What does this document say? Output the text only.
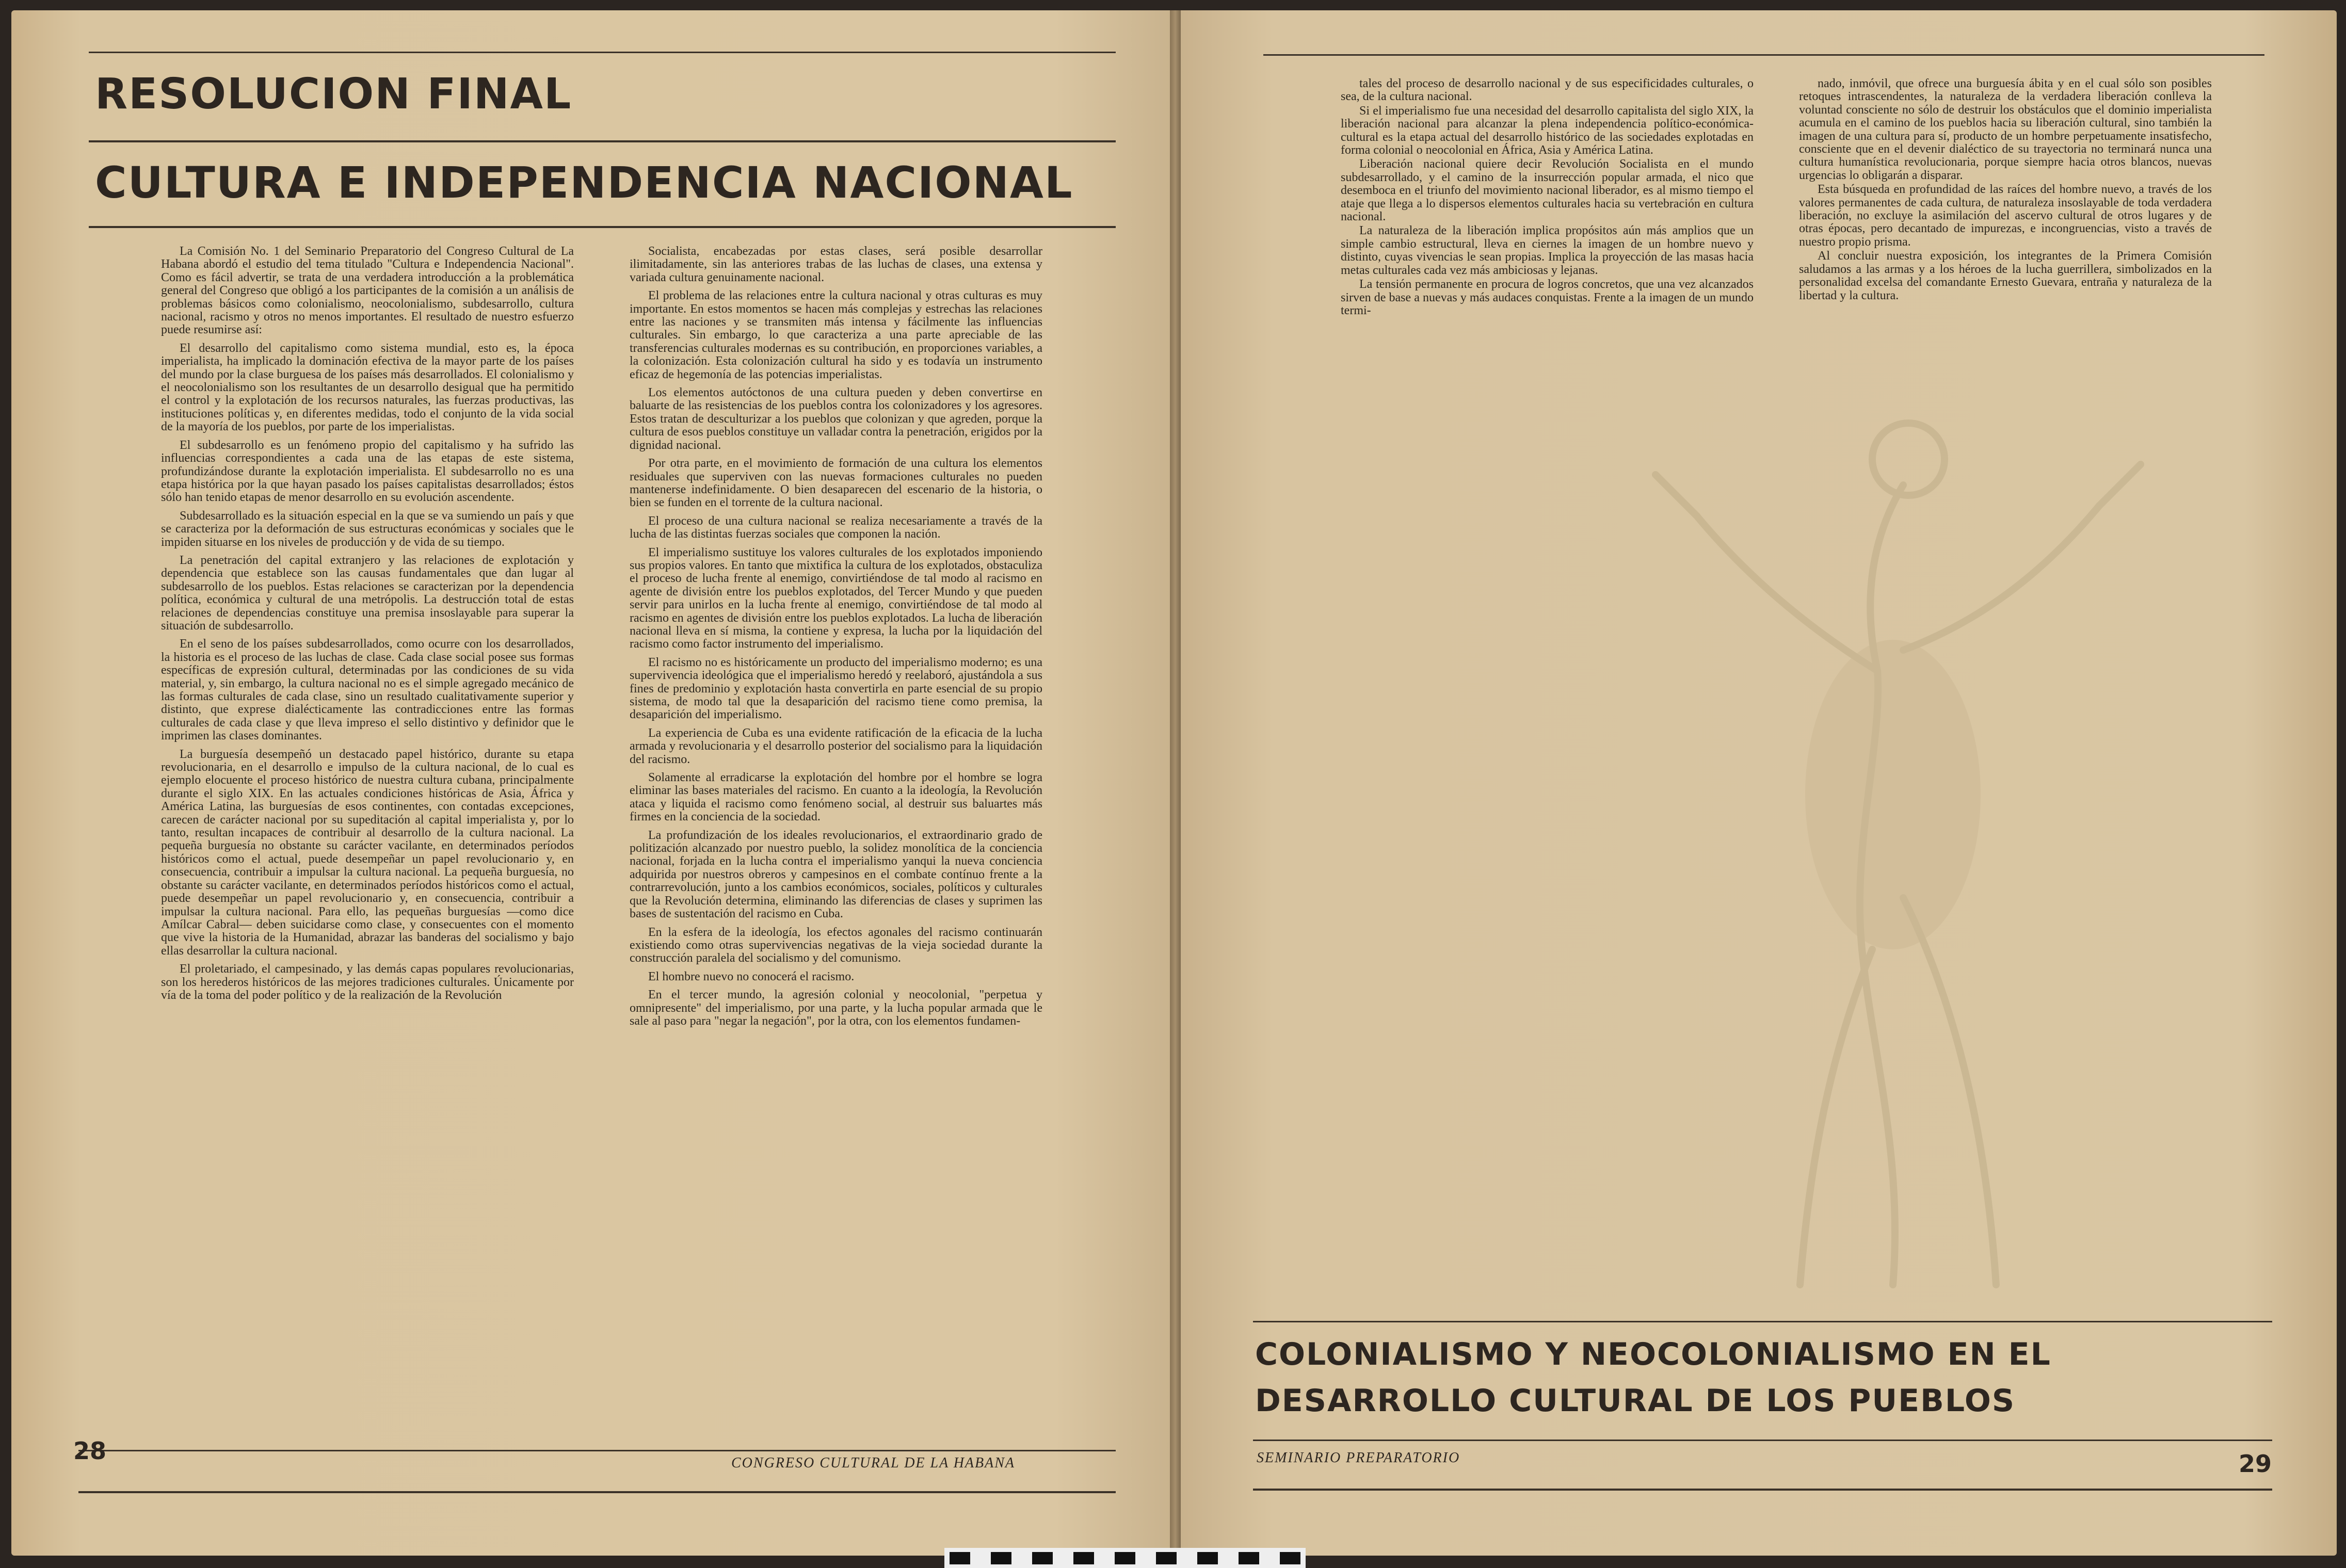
RESOLUCION FINAL
CULTURA E INDEPENDENCIA NACIONAL

La Comisión No. 1 del Seminario Preparatorio del Congreso Cultural de La Habana abordó el estudio del tema titulado "Cultura e Independencia Nacional". Como es fácil advertir, se trata de una verdadera introducción a la problemática general del Congreso que obligó a los participantes de la comisión a un análisis de problemas básicos como colonialismo, neocolonialismo, subdesarrollo, cultura nacional, racismo y otros no menos importantes. El resultado de nuestro esfuerzo puede resumirse así:

El desarrollo del capitalismo como sistema mundial, esto es, la época imperialista, ha implicado la dominación efectiva de la mayor parte de los países del mundo por la clase burguesa de los países más desarrollados. El colonialismo y el neocolonialismo son los resultantes de un desarrollo desigual que ha permitido el control y la explotación de los recursos naturales, las fuerzas productivas, las instituciones políticas y, en diferentes medidas, todo el conjunto de la vida social de la mayoría de los pueblos, por parte de los imperialistas.

El subdesarrollo es un fenómeno propio del capitalismo y ha sufrido las influencias correspondientes a cada una de las etapas de este sistema, profundizándose durante la explotación imperialista. El subdesarrollo no es una etapa histórica por la que hayan pasado los países capitalistas desarrollados; éstos sólo han tenido etapas de menor desarrollo en su evolución ascendente.

Subdesarrollado es la situación especial en la que se va sumiendo un país y que se caracteriza por la deformación de sus estructuras económicas y sociales que le impiden situarse en los niveles de producción y de vida de su tiempo.

La penetración del capital extranjero y las relaciones de explotación y dependencia que establece son las causas fundamentales que dan lugar al subdesarrollo de los pueblos. Estas relaciones se caracterizan por la dependencia política, económica y cultural de una metrópolis. La destrucción total de estas relaciones de dependencias constituye una premisa insoslayable para superar la situación de subdesarrollo.

En el seno de los países subdesarrollados, como ocurre con los desarrollados, la historia es el proceso de las luchas de clase. Cada clase social posee sus formas específicas de expresión cultural, determinadas por las condiciones de su vida material, y, sin embargo, la cultura nacional no es el simple agregado mecánico de las formas culturales de cada clase, sino un resultado cualitativamente superior y distinto, que exprese dialécticamente las contradicciones entre las formas culturales de cada clase y que lleva impreso el sello distintivo y definidor que le imprimen las clases dominantes.

La burguesía desempeñó un destacado papel histórico, durante su etapa revolucionaria, en el desarrollo e impulso de la cultura nacional, de lo cual es ejemplo elocuente el proceso histórico de nuestra cultura cubana, principalmente durante el siglo XIX. En las actuales condiciones históricas de Asia, África y América Latina, las burguesías de esos continentes, con contadas excepciones, carecen de carácter nacional por su supeditación al capital imperialista y, por lo tanto, resultan incapaces de contribuir al desarrollo de la cultura nacional. La pequeña burguesía no obstante su carácter vacilante, en determinados períodos históricos como el actual, puede desempeñar un papel revolucionario y, en consecuencia, contribuir a impulsar la cultura nacional. La pequeña burguesía, no obstante su carácter vacilante, en determinados períodos históricos como el actual, puede desempeñar un papel revolucionario y, en consecuencia, contribuir a impulsar la cultura nacional. Para ello, las pequeñas burguesías —como dice Amílcar Cabral— deben suicidarse como clase, y consecuentes con el momento que vive la historia de la Humanidad, abrazar las banderas del socialismo y bajo ellas desarrollar la cultura nacional.

El proletariado, el campesinado, y las demás capas populares revolucionarias, son los herederos históricos de las mejores tradiciones culturales. Únicamente por vía de la toma del poder político y de la realización de la Revolución

Socialista, encabezadas por estas clases, será posible desarrollar ilimitadamente, sin las anteriores trabas de las luchas de clases, una extensa y variada cultura genuinamente nacional.

El problema de las relaciones entre la cultura nacional y otras culturas es muy importante. En estos momentos se hacen más complejas y estrechas las relaciones entre las naciones y se transmiten más intensa y fácilmente las influencias culturales. Sin embargo, lo que caracteriza a una parte apreciable de las transferencias culturales modernas es su contribución, en proporciones variables, a la colonización. Esta colonización cultural ha sido y es todavía un instrumento eficaz de hegemonía de las potencias imperialistas.

Los elementos autóctonos de una cultura pueden y deben convertirse en baluarte de las resistencias de los pueblos contra los colonizadores y los agresores. Estos tratan de desculturizar a los pueblos que colonizan y que agreden, porque la cultura de esos pueblos constituye un valladar contra la penetración, erigidos por la dignidad nacional.

Por otra parte, en el movimiento de formación de una cultura los elementos residuales que superviven con las nuevas formaciones culturales no pueden mantenerse indefinidamente. O bien desaparecen del escenario de la historia, o bien se funden en el torrente de la cultura nacional.

El proceso de una cultura nacional se realiza necesariamente a través de la lucha de las distintas fuerzas sociales que componen la nación.

El imperialismo sustituye los valores culturales de los explotados imponiendo sus propios valores. En tanto que mixtifica la cultura de los explotados, obstaculiza el proceso de lucha frente al enemigo, convirtiéndose de tal modo al racismo en agente de división entre los pueblos explotados, del Tercer Mundo y que pueden servir para unirlos en la lucha frente al enemigo, convirtiéndose de tal modo al racismo en agentes de división entre los pueblos explotados. La lucha de liberación nacional lleva en sí misma, la contiene y expresa, la lucha por la liquidación del racismo como factor instrumento del imperialismo.

El racismo no es históricamente un producto del imperialismo moderno; es una supervivencia ideológica que el imperialismo heredó y reelaboró, ajustándola a sus fines de predominio y explotación hasta convertirla en parte esencial de su propio sistema, de modo tal que la desaparición del racismo tiene como premisa, la desaparición del imperialismo.

La experiencia de Cuba es una evidente ratificación de la eficacia de la lucha armada y revolucionaria y el desarrollo posterior del socialismo para la liquidación del racismo.

Solamente al erradicarse la explotación del hombre por el hombre se logra eliminar las bases materiales del racismo. En cuanto a la ideología, la Revolución ataca y liquida el racismo como fenómeno social, al destruir sus baluartes más firmes en la conciencia de la sociedad.

La profundización de los ideales revolucionarios, el extraordinario grado de politización alcanzado por nuestro pueblo, la solidez monolítica de la conciencia nacional, forjada en la lucha contra el imperialismo yanqui la nueva conciencia adquirida por nuestros obreros y campesinos en el combate contínuo frente a la contrarrevolución, junto a los cambios económicos, sociales, políticos y culturales que la Revolución determina, eliminando las diferencias de clases y suprimen las bases de sustentación del racismo en Cuba.

En la esfera de la ideología, los efectos agonales del racismo continuarán existiendo como otras supervivencias negativas de la vieja sociedad durante la construcción paralela del socialismo y del comunismo.

El hombre nuevo no conocerá el racismo.

En el tercer mundo, la agresión colonial y neocolonial, "perpetua y omnipresente" del imperialismo, por una parte, y la lucha popular armada que le sale al paso para "negar la negación", por la otra, con los elementos fundamen-

28	CONGRESO CULTURAL DE LA HABANA

tales del proceso de desarrollo nacional y de sus especificidades culturales, o sea, de la cultura nacional.

Si el imperialismo fue una necesidad del desarrollo capitalista del siglo XIX, la liberación nacional para alcanzar la plena independencia político-económica-cultural es la etapa actual del desarrollo histórico de las sociedades explotadas en forma colonial o neocolonial en África, Asia y América Latina.

Liberación nacional quiere decir Revolución Socialista en el mundo subdesarrollado, y el camino de la insurrección popular armada, el nico que desemboca en el triunfo del movimiento nacional liberador, es al mismo tiempo el ataje que llega a lo dispersos elementos culturales hacia su vertebración en cultura nacional.

La naturaleza de la liberación implica propósitos aún más amplios que un simple cambio estructural, lleva en ciernes la imagen de un hombre nuevo y distinto, cuyas vivencias le sean propias. Implica la proyección de las masas hacia metas culturales cada vez más ambiciosas y lejanas.

La tensión permanente en procura de logros concretos, que una vez alcanzados sirven de base a nuevas y más audaces conquistas. Frente a la imagen de un mundo termi-

nado, inmóvil, que ofrece una burguesía ábita y en el cual sólo son posibles retoques intrascendentes, la naturaleza de la verdadera liberación conlleva la voluntad consciente no sólo de destruir los obstáculos que el dominio imperialista acumula en el camino de los pueblos hacia su liberación cultural, sino también la imagen de una cultura para sí, producto de un hombre perpetuamente insatisfecho, consciente que en el devenir dialéctico de su trayectoria no terminará nunca una cultura humanística revolucionaria, porque siempre hacia otros blancos, nuevas urgencias lo obligarán a disparar.

Esta búsqueda en profundidad de las raíces del hombre nuevo, a través de los valores permanentes de cada cultura, de naturaleza insoslayable de toda verdadera liberación, no excluye la asimilación del ascervo cultural de otros lugares y de otras épocas, pero decantado de impurezas, e incongruencias, visto a través de nuestro propio prisma.

Al concluir nuestra exposición, los integrantes de la Primera Comisión saludamos a las armas y a los héroes de la lucha guerrillera, simbolizados en la personalidad excelsa del comandante Ernesto Guevara, entraña y naturaleza de la libertad y la cultura.

COLONIALISMO Y NEOCOLONIALISMO EN EL
DESARROLLO CULTURAL DE LOS PUEBLOS
SEMINARIO PREPARATORIO	29
